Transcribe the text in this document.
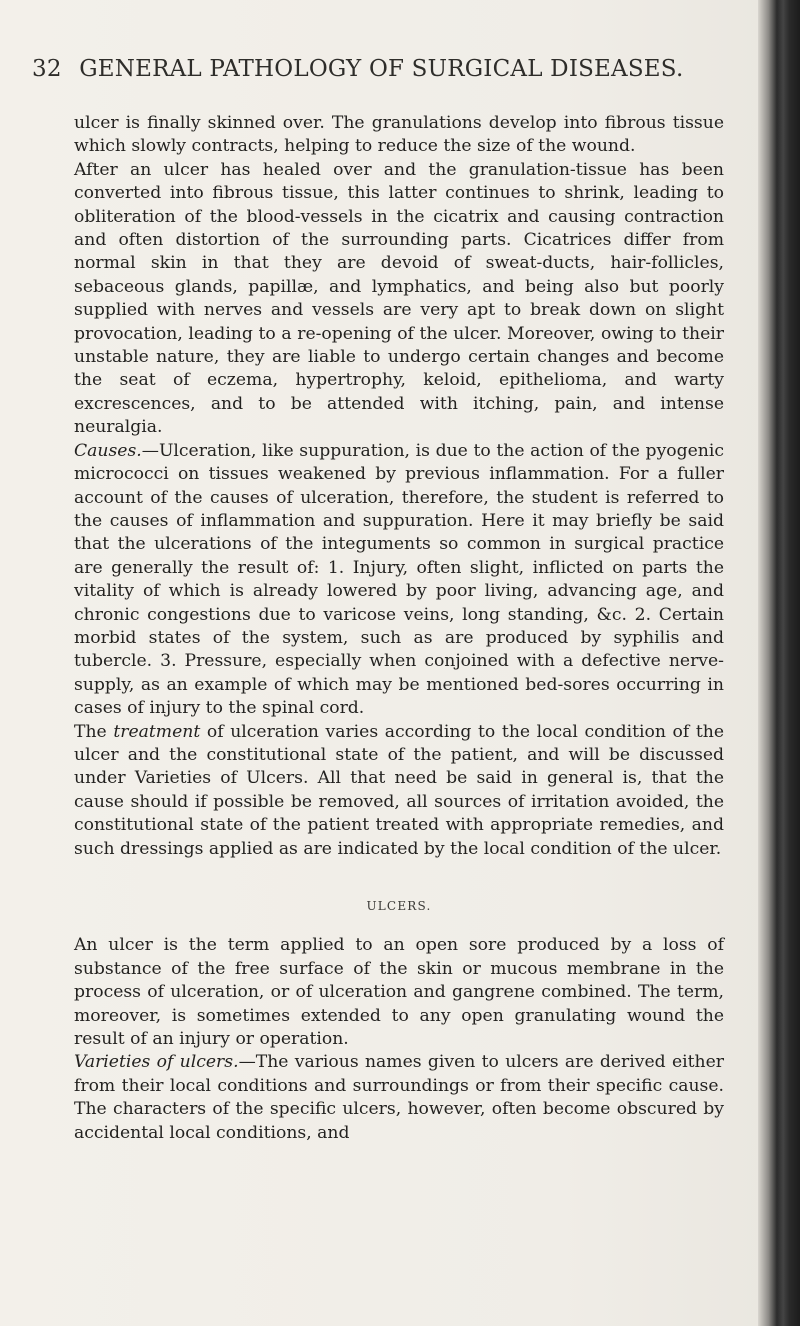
32 GENERAL PATHOLOGY OF SURGICAL DISEASES.

ulcer is finally skinned over. The granulations develop into fibrous tissue which slowly contracts, helping to reduce the size of the wound.

After an ulcer has healed over and the granulation-tissue has been converted into fibrous tissue, this latter continues to shrink, leading to obliteration of the blood-vessels in the cicatrix and causing contraction and often distortion of the surrounding parts. Cicatrices differ from normal skin in that they are devoid of sweat-ducts, hair-follicles, sebaceous glands, papillæ, and lymphatics, and being also but poorly supplied with nerves and vessels are very apt to break down on slight provocation, leading to a re-opening of the ulcer. Moreover, owing to their unstable nature, they are liable to undergo certain changes and become the seat of eczema, hypertrophy, keloid, epithelioma, and warty excrescences, and to be attended with itching, pain, and intense neuralgia.

Causes.—Ulceration, like suppuration, is due to the action of the pyogenic micrococci on tissues weakened by previous inflammation. For a fuller account of the causes of ulceration, therefore, the student is referred to the causes of inflammation and suppuration. Here it may briefly be said that the ulcerations of the integuments so common in surgical practice are generally the result of: 1. Injury, often slight, inflicted on parts the vitality of which is already lowered by poor living, advancing age, and chronic congestions due to varicose veins, long standing, &c. 2. Certain morbid states of the system, such as are produced by syphilis and tubercle. 3. Pressure, especially when conjoined with a defective nerve-supply, as an example of which may be mentioned bed-sores occurring in cases of injury to the spinal cord.

The treatment of ulceration varies according to the local condition of the ulcer and the constitutional state of the patient, and will be discussed under Varieties of Ulcers. All that need be said in general is, that the cause should if possible be removed, all sources of irritation avoided, the constitutional state of the patient treated with appropriate remedies, and such dressings applied as are indicated by the local condition of the ulcer.

ULCERS.

An ulcer is the term applied to an open sore produced by a loss of substance of the free surface of the skin or mucous membrane in the process of ulceration, or of ulceration and gangrene combined. The term, moreover, is sometimes extended to any open granulating wound the result of an injury or operation.

Varieties of ulcers.—The various names given to ulcers are derived either from their local conditions and surroundings or from their specific cause. The characters of the specific ulcers, however, often become obscured by accidental local conditions, and
